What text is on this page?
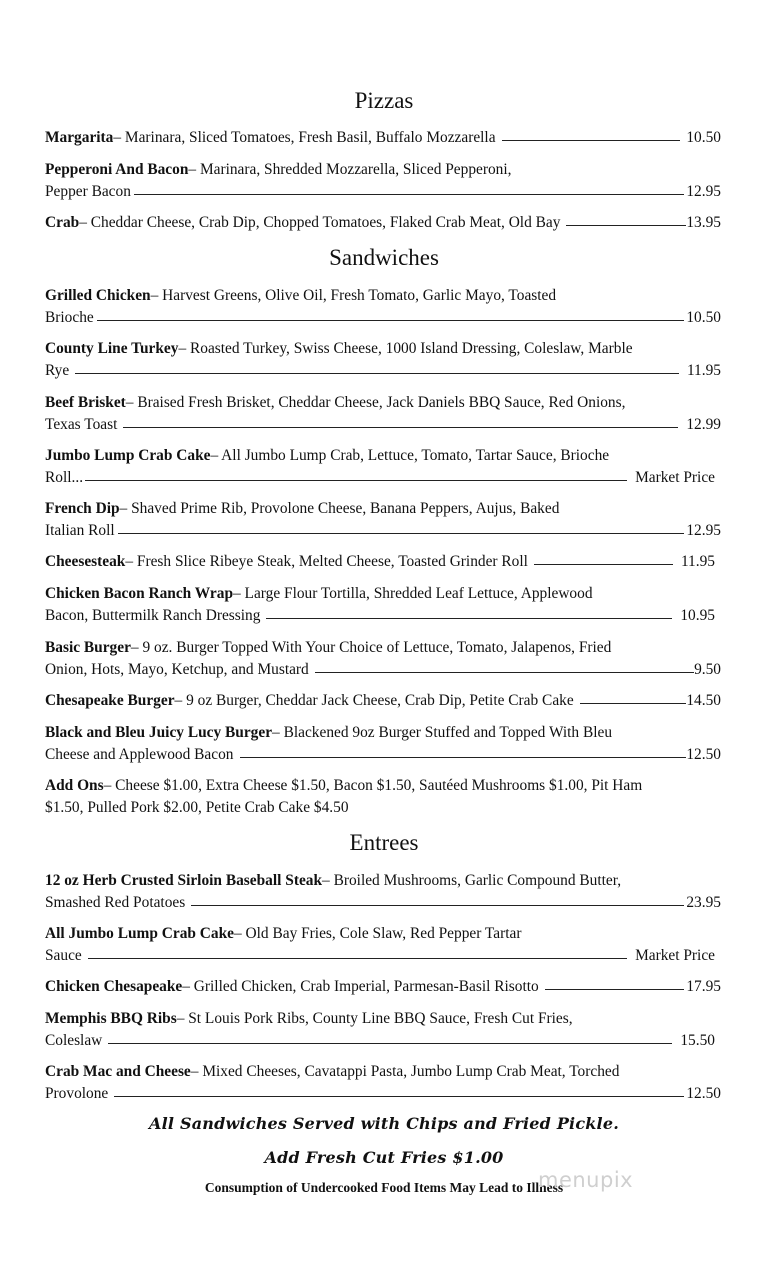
Pizzas
Margarita – Marinara, Sliced Tomatoes, Fresh Basil, Buffalo Mozzarella	10.50
Pepperoni And Bacon – Marinara, Shredded Mozzarella, Sliced Pepperoni,
Pepper Bacon	12.95
Crab – Cheddar Cheese, Crab Dip, Chopped Tomatoes, Flaked Crab Meat, Old Bay	13.95
Sandwiches
Grilled Chicken – Harvest Greens, Olive Oil, Fresh Tomato, Garlic Mayo, Toasted
Brioche	10.50
County Line Turkey – Roasted Turkey, Swiss Cheese, 1000 Island Dressing, Coleslaw, Marble
Rye	11.95
Beef Brisket – Braised Fresh Brisket, Cheddar Cheese, Jack Daniels BBQ Sauce, Red Onions,
Texas Toast	12.99
Jumbo Lump Crab Cake – All Jumbo Lump Crab, Lettuce, Tomato, Tartar Sauce, Brioche
Roll...	Market Price
French Dip – Shaved Prime Rib, Provolone Cheese, Banana Peppers, Aujus, Baked
Italian Roll	12.95
Cheesesteak – Fresh Slice Ribeye Steak, Melted Cheese, Toasted Grinder Roll	11.95
Chicken Bacon Ranch Wrap – Large Flour Tortilla, Shredded Leaf Lettuce, Applewood
Bacon, Buttermilk Ranch Dressing	10.95
Basic Burger – 9 oz. Burger Topped With Your Choice of Lettuce, Tomato, Jalapenos, Fried
Onion, Hots, Mayo, Ketchup, and Mustard	9.50
Chesapeake Burger – 9 oz Burger, Cheddar Jack Cheese, Crab Dip, Petite Crab Cake	14.50
Black and Bleu Juicy Lucy Burger – Blackened 9oz Burger Stuffed and Topped With Bleu
Cheese and Applewood Bacon	12.50
Add Ons – Cheese $1.00, Extra Cheese $1.50, Bacon $1.50, Sautéed Mushrooms $1.00, Pit Ham
$1.50, Pulled Pork $2.00, Petite Crab Cake $4.50
Entrees
12 oz Herb Crusted Sirloin Baseball Steak – Broiled Mushrooms, Garlic Compound Butter,
Smashed Red Potatoes	23.95
All Jumbo Lump Crab Cake – Old Bay Fries, Cole Slaw, Red Pepper Tartar
Sauce	Market Price
Chicken Chesapeake – Grilled Chicken, Crab Imperial, Parmesan-Basil Risotto	17.95
Memphis BBQ Ribs – St Louis Pork Ribs, County Line BBQ Sauce, Fresh Cut Fries,
Coleslaw	15.50
Crab Mac and Cheese – Mixed Cheeses, Cavatappi Pasta, Jumbo Lump Crab Meat, Torched
Provolone	12.50
All Sandwiches Served with Chips and Fried Pickle.
Add Fresh Cut Fries $1.00
Consumption of Undercooked Food Items May Lead to Illness
menupix
